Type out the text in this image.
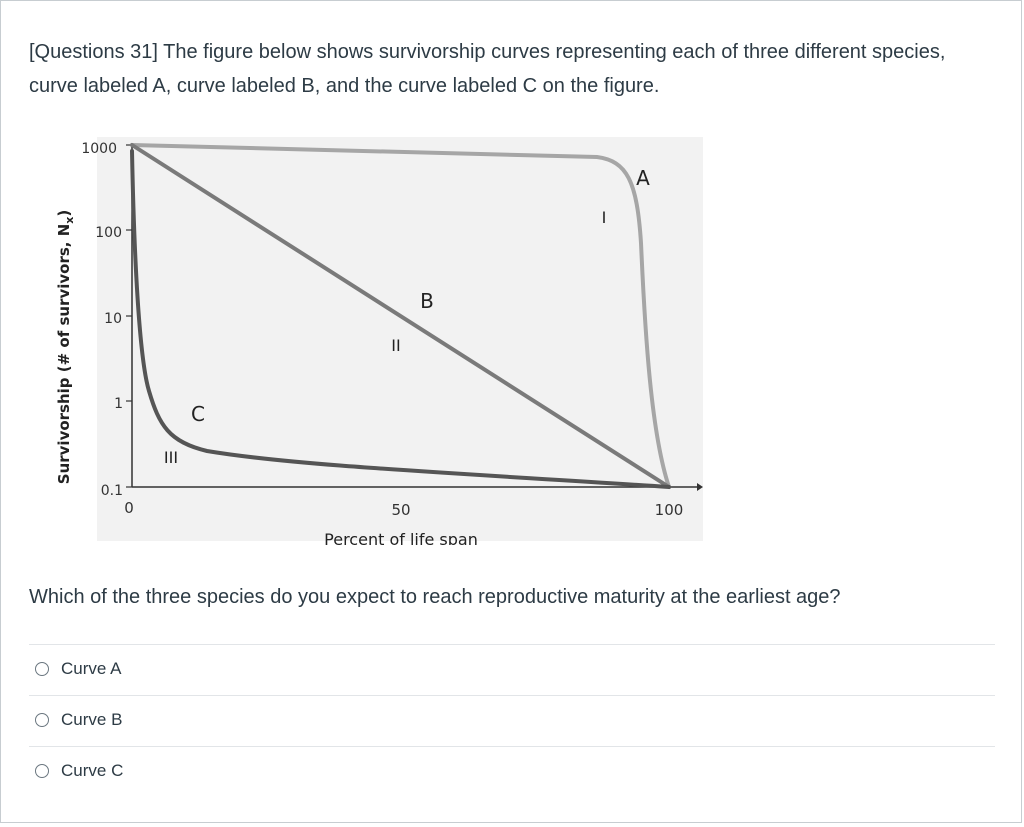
[Questions 31] The figure below shows survivorship curves representing each of three different species, curve labeled A, curve labeled B, and the curve labeled C on the figure.
Survivorship (# of survivors, $N_x$)
1000
100
10
1
0.1
0	50	100
Percent of life span
A
B
C
I
II
III
Which of the three species do you expect to reach reproductive maturity at the earliest age?
Curve A
Curve B
Curve C
